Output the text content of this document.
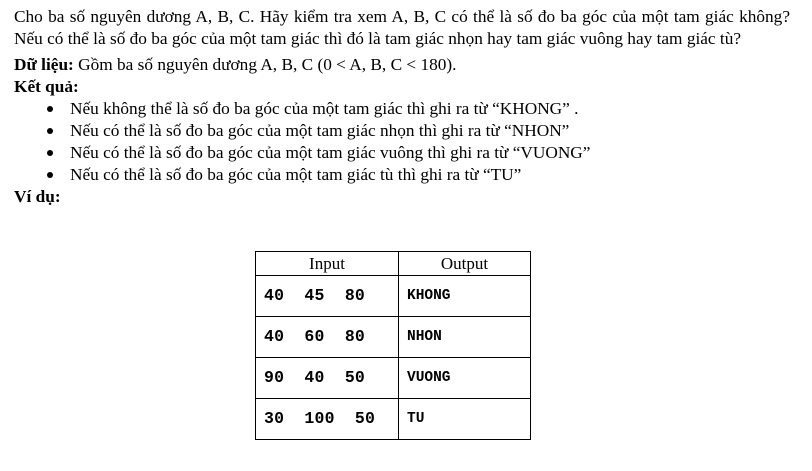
Cho ba số nguyên dương A, B, C. Hãy kiểm tra xem A, B, C có thể là số đo ba góc của một tam giác không? Nếu có thể là số đo ba góc của một tam giác thì đó là tam giác nhọn hay tam giác vuông hay tam giác tù?

Dữ liệu: Gồm ba số nguyên dương A, B, C (0 < A, B, C < 180).

Kết quả:

Nếu không thể là số đo ba góc của một tam giác thì ghi ra từ “KHONG” .
Nếu có thể là số đo ba góc của một tam giác nhọn thì ghi ra từ “NHON”
Nếu có thể là số đo ba góc của một tam giác vuông thì ghi ra từ “VUONG”
Nếu có thể là số đo ba góc của một tam giác tù thì ghi ra từ “TU”

Ví dụ:

Input	Output
40  45  80	KHONG
40  60  80	NHON
90  40  50	VUONG
30  100  50	TU
